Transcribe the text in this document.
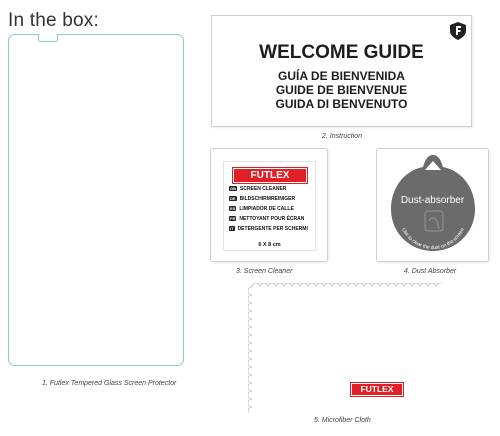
In the box:
1. Futlex Tempered Glass Screen Protector
WELCOME GUIDE
GUÍA DE BIENVENIDA
GUIDE DE BIENVENUE
GUIDA DI BENVENUTO
2. Instruction
FUTLEX
GB SCREEN CLEANER
DE BILDSCHIRMREINIGER
ES LIMPIADOR DE CALLE
FR NETTOYANT POUR ÉCRAN
IT DETERGENTE PER SCHERMI
6 X 8 cm
3. Screen Cleaner
Use to clear the dust on the screen
Dust-absorber
4. Dust Absorber
FUTLEX
5. Microfiber Cloth
